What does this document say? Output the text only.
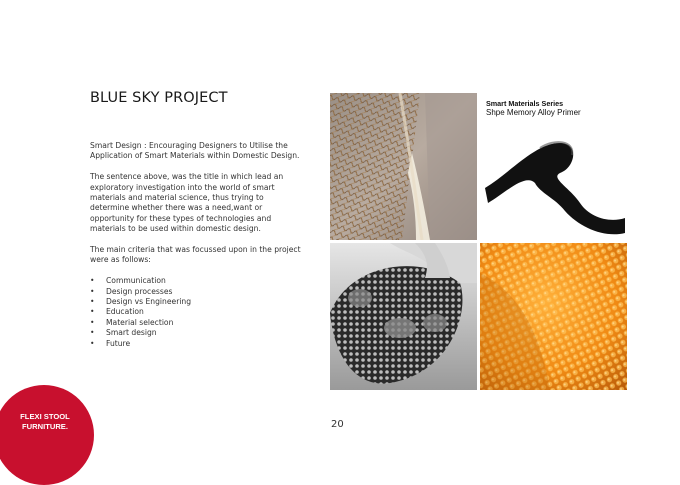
BLUE SKY PROJECT

Smart Design : Encouraging Designers to Utilise the Application of Smart Materials within Domestic Design.

The sentence above, was the title in which lead an exploratory investigation into the world of smart materials and material science, thus trying to determine whether there was a need,want or opportunity for these types of technologies and materials to be used within domestic design.

The main criteria that was focussed upon in the project were as follows:

• Communication
• Design processes
• Design vs Engineering
• Education
• Material selection
• Smart design
• Future
Smart Materials Series
Shpe Memory Alloy Primer
FLEXI STOOL
FURNITURE.	20
